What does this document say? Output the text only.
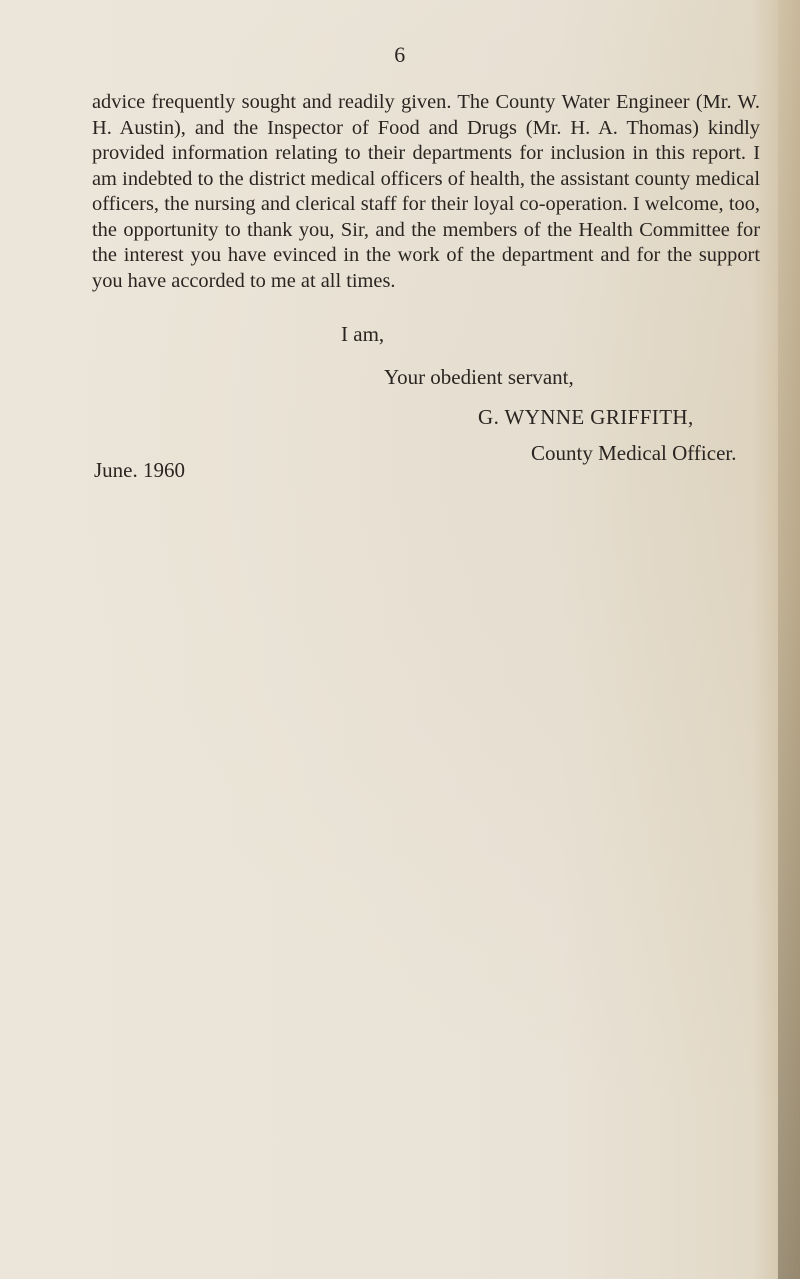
6

advice frequently sought and readily given. The County Water Engineer (Mr. W. H. Austin), and the Inspector of Food and Drugs (Mr. H. A. Thomas) kindly provided information relating to their departments for inclusion in this report. I am indebted to the district medical officers of health, the assistant county medical officers, the nursing and clerical staff for their loyal co-operation. I welcome, too, the opportunity to thank you, Sir, and the members of the Health Committee for the interest you have evinced in the work of the department and for the support you have accorded to me at all times.

I am,

Your obedient servant,

G. WYNNE GRIFFITH,

County Medical Officer.

June. 1960
